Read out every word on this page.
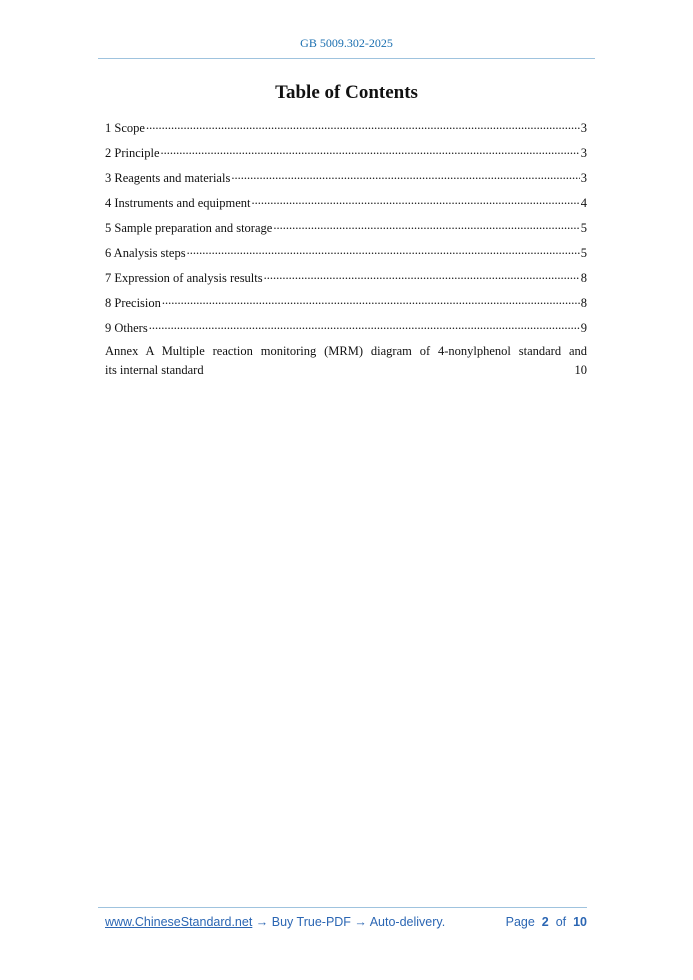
GB 5009.302-2025
Table of Contents
1 Scope .....	3
2 Principle .....	3
3 Reagents and materials .....	3
4 Instruments and equipment .....	4
5 Sample preparation and storage .....	5
6 Analysis steps .....	5
7 Expression of analysis results .....	8
8 Precision .....	8
9 Others .....	9
Annex A Multiple reaction monitoring (MRM) diagram of 4-nonylphenol standard and
its internal standard	10
www.ChineseStandard.net → Buy True-PDF → Auto-delivery.	Page 2 of 10
